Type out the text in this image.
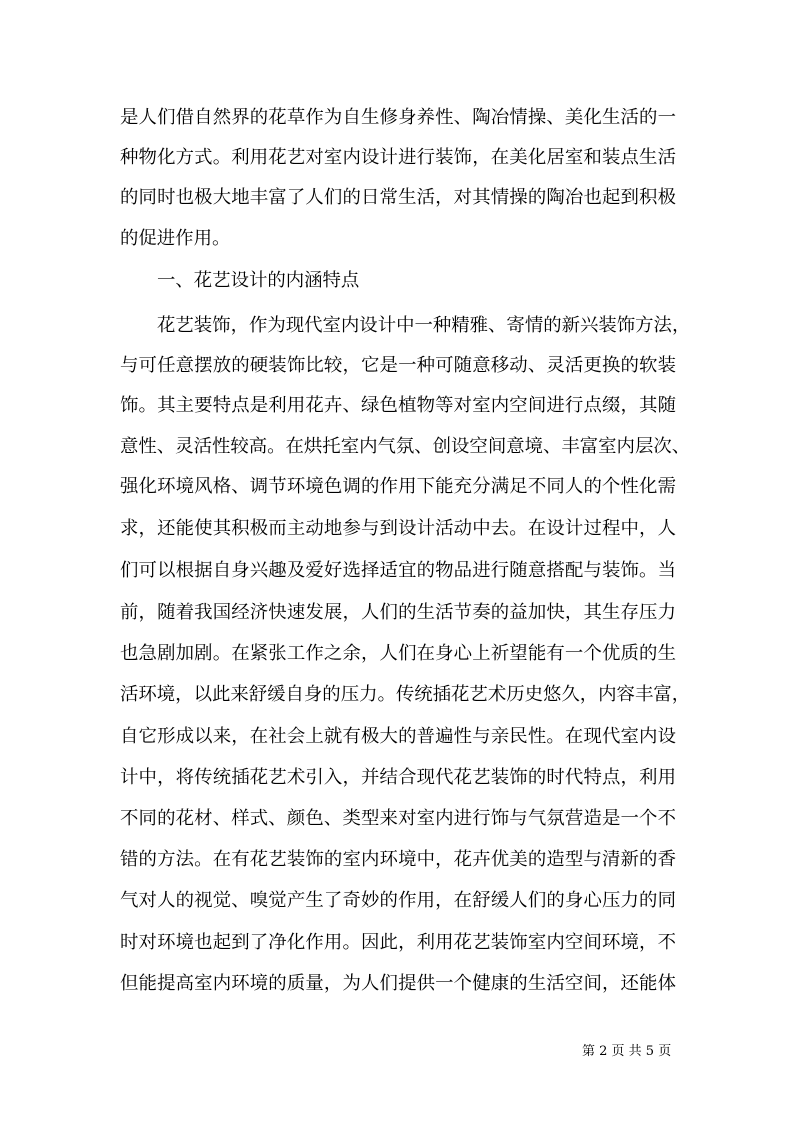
是人们借自然界的花草作为自生修身养性、陶冶情操、美化生活的一
种物化方式。利用花艺对室内设计进行装饰，在美化居室和装点生活
的同时也极大地丰富了人们的日常生活，对其情操的陶冶也起到积极
的促进作用。
一、花艺设计的内涵特点
花艺装饰，作为现代室内设计中一种精雅、寄情的新兴装饰方法，
与可任意摆放的硬装饰比较，它是一种可随意移动、灵活更换的软装
饰。其主要特点是利用花卉、绿色植物等对室内空间进行点缀，其随
意性、灵活性较高。在烘托室内气氛、创设空间意境、丰富室内层次、
强化环境风格、调节环境色调的作用下能充分满足不同人的个性化需
求，还能使其积极而主动地参与到设计活动中去。在设计过程中，人
们可以根据自身兴趣及爱好选择适宜的物品进行随意搭配与装饰。当
前，随着我国经济快速发展，人们的生活节奏的益加快，其生存压力
也急剧加剧。在紧张工作之余，人们在身心上祈望能有一个优质的生
活环境，以此来舒缓自身的压力。传统插花艺术历史悠久，内容丰富，
自它形成以来，在社会上就有极大的普遍性与亲民性。在现代室内设
计中，将传统插花艺术引入，并结合现代花艺装饰的时代特点，利用
不同的花材、样式、颜色、类型来对室内进行饰与气氛营造是一个不
错的方法。在有花艺装饰的室内环境中，花卉优美的造型与清新的香
气对人的视觉、嗅觉产生了奇妙的作用，在舒缓人们的身心压力的同
时对环境也起到了净化作用。因此，利用花艺装饰室内空间环境，不
但能提高室内环境的质量，为人们提供一个健康的生活空间，还能体
第 2 页 共 5 页
